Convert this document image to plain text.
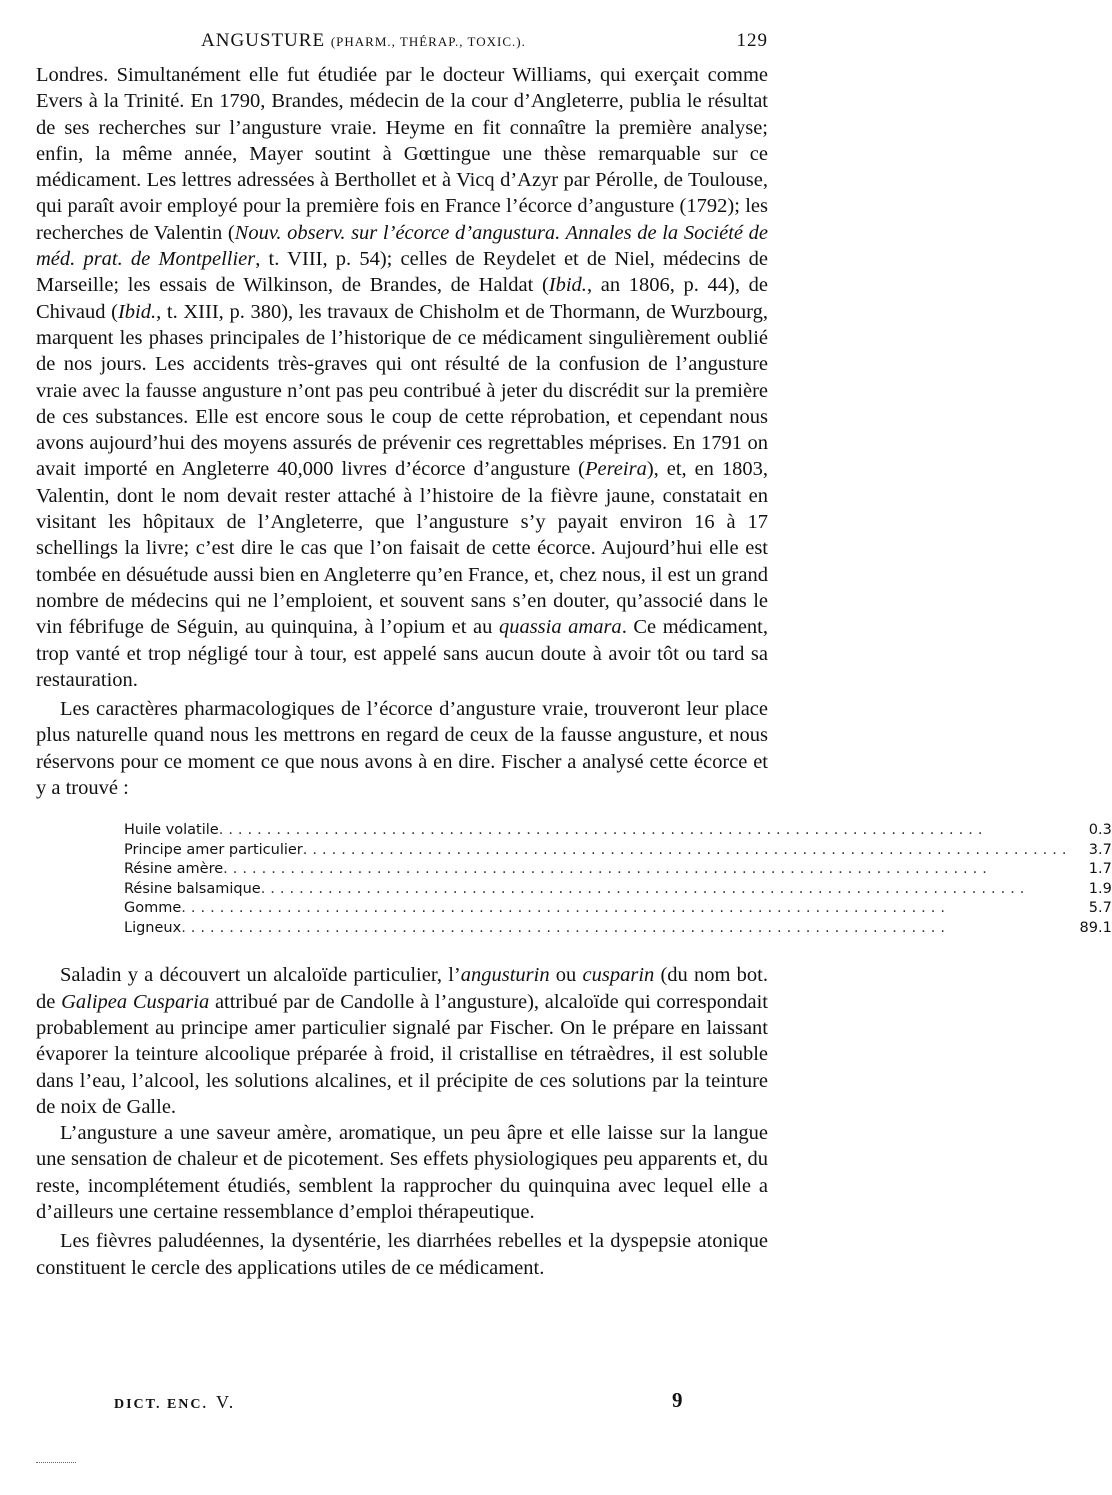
ANGUSTURE (PHARM., THÉRAP., TOXIC.).	129

Londres. Simultanément elle fut étudiée par le docteur Williams, qui exerçait comme Evers à la Trinité. En 1790, Brandes, médecin de la cour d’Angleterre, publia le résultat de ses recherches sur l’angusture vraie. Heyme en fit connaître la première analyse; enfin, la même année, Mayer soutint à Gœttingue une thèse remarquable sur ce médicament. Les lettres adressées à Berthollet et à Vicq d’Azyr par Pérolle, de Toulouse, qui paraît avoir employé pour la première fois en France l’écorce d’angusture (1792); les recherches de Valentin (Nouv. observ. sur l’écorce d’angustura. Annales de la Société de méd. prat. de Montpellier, t. VIII, p. 54); celles de Reydelet et de Niel, médecins de Marseille; les essais de Wilkinson, de Brandes, de Haldat (Ibid., an 1806, p. 44), de Chivaud (Ibid., t. XIII, p. 380), les travaux de Chisholm et de Thormann, de Wurzbourg, marquent les phases principales de l’historique de ce médicament singulièrement oublié de nos jours. Les accidents très-graves qui ont résulté de la confusion de l’angusture vraie avec la fausse angusture n’ont pas peu contribué à jeter du discrédit sur la première de ces substances. Elle est encore sous le coup de cette réprobation, et cependant nous avons aujourd’hui des moyens assurés de prévenir ces regrettables méprises. En 1791 on avait importé en Angleterre 40,000 livres d’écorce d’angusture (Pereira), et, en 1803, Valentin, dont le nom devait rester attaché à l’histoire de la fièvre jaune, constatait en visitant les hôpitaux de l’Angleterre, que l’angusture s’y payait environ 16 à 17 schellings la livre; c’est dire le cas que l’on faisait de cette écorce. Aujourd’hui elle est tombée en désuétude aussi bien en Angleterre qu’en France, et, chez nous, il est un grand nombre de médecins qui ne l’emploient, et souvent sans s’en douter, qu’associé dans le vin fébrifuge de Séguin, au quinquina, à l’opium et au quassia amara. Ce médicament, trop vanté et trop négligé tour à tour, est appelé sans aucun doute à avoir tôt ou tard sa restauration.

Les caractères pharmacologiques de l’écorce d’angusture vraie, trouveront leur place plus naturelle quand nous les mettrons en regard de ceux de la fausse angusture, et nous réservons pour ce moment ce que nous avons à en dire. Fischer a analysé cette écorce et y a trouvé :

Huile volatile................................................................................	0.3
Principe amer particulier................................................................................	3.7
Résine amère................................................................................	1.7
Résine balsamique................................................................................	1.9
Gomme................................................................................	5.7
Ligneux................................................................................	89.1

Saladin y a découvert un alcaloïde particulier, l’angusturin ou cusparin (du nom bot. de Galipea Cusparia attribué par de Candolle à l’angusture), alcaloïde qui correspondait probablement au principe amer particulier signalé par Fischer. On le prépare en laissant évaporer la teinture alcoolique préparée à froid, il cristallise en tétraèdres, il est soluble dans l’eau, l’alcool, les solutions alcalines, et il précipite de ces solutions par la teinture de noix de Galle.

L’angusture a une saveur amère, aromatique, un peu âpre et elle laisse sur la langue une sensation de chaleur et de picotement. Ses effets physiologiques peu apparents et, du reste, incomplétement étudiés, semblent la rapprocher du quinquina avec lequel elle a d’ailleurs une certaine ressemblance d’emploi thérapeutique.

Les fièvres paludéennes, la dysentérie, les diarrhées rebelles et la dyspepsie atonique constituent le cercle des applications utiles de ce médicament.

DICT. ENC. V.	9
